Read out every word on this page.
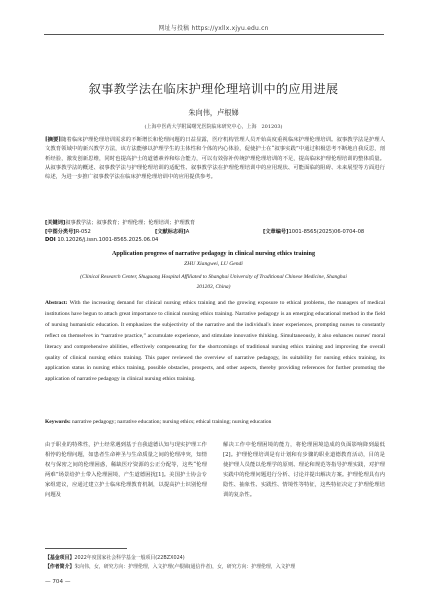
网址与投稿 https://yxllx.xjyu.edu.cn
叙事教学法在临床护理伦理培训中的应用进展
朱向伟，卢根娣
(上海中医药大学附属曙光医院临床研究中心，上海　201203)
[摘要]随着临床护理伦理培训需求的不断增长和伦理问题的日益显露，医疗机构管理人员开始高度重视临床护理伦理培训。叙事教学法是护理人文教育领域中的新兴教学方法，该方法能够以护理学生的主体性和个体的内心体验，促使护士在“叙事实践”中通过积极思考不断地自我反思，剖析经验，激发创新思维，同时也提高护士的道德素养和综合能力，可以有效弥补传统护理伦理培训的不足，提高临床护理伦理培训的整体质量。从叙事教学法的概述、叙事教学法与护理伦理培训的适配性、叙事教学法在护理伦理培训中的应用现状、可能面临的阻碍、未来展望等方面进行综述，为进一步推广叙事教学法在临床护理伦理培训中的应用提供参考。
[关键词]叙事教学法；叙事教育；护理伦理；伦理培训；护理教育
[中图分类号]R-052	[文献标志码]A	[文章编号]1001-8565(2025)06-0704-08
DOI 10.12026/j.issn.1001-8565.2025.06.04
Application progress of narrative pedagogy in clinical nursing ethics training
ZHU Xiangwei, LU Gendi
(Clinical Research Center, Shuguang Hospital Affiliated to Shanghai University of Traditional Chinese Medicine, Shanghai 201203, China)
Abstract: With the increasing demand for clinical nursing ethics training and the growing exposure to ethical problems, the managers of medical institutions have begun to attach great importance to clinical nursing ethics training. Narrative pedagogy is an emerging educational method in the field of nursing humanistic education. It emphasizes the subjectivity of the narrative and the individual's inner experiences, prompting nurses to constantly reflect on themselves in “narrative practice,” accumulate experience, and stimulate innovative thinking. Simultaneously, it also enhances nurses' moral literacy and comprehensive abilities, effectively compensating for the shortcomings of traditional nursing ethics training and improving the overall quality of clinical nursing ethics training. This paper reviewed the overview of narrative pedagogy, its suitability for nursing ethics training, its application status in nursing ethics training, possible obstacles, prospects, and other aspects, thereby providing references for further promoting the application of narrative pedagogy in clinical nursing ethics training.
Keywords: narrative pedagogy; narrative education; nursing ethics; ethical training; nursing education
由于职业的特殊性，护士经常遇到基于自我道德认知与现实护理工作相悖的伦理问题，如患者生命神圣与生命质量之间的伦理冲突，知情权与保密之间的伦理困惑，稀缺医疗资源的公正分配等，这些“伦理两难”场景给护士带入伦理困境，产生道德困扰[1]。美国护士协会专家组建议，应通过建立护士临床伦理教育机制，以提高护士识别伦理问题及
解决工作中伦理困境的能力，将伦理困境造成的负面影响降到最低[2]。护理伦理培训是有计划和有步骤的职业道德教育活动，目的是使护理人员能以伦理学的原则、理论和规范等指导护理实践，对护理实践中的伦理问题进行分析、讨论并提出解决方案。护理伦理具有内隐性、抽象性、实践性、情境性等特征，这些特征决定了护理伦理培训的复杂性。
【基金项目】2022年度国家社会科学基金一般项目(22BZX024)
【作者简介】朱向伟，女，研究方向：护理伦理，入文护理(卢根娣(通信作者)，女，研究方向：护理伦理，入文护理
— 704 —
